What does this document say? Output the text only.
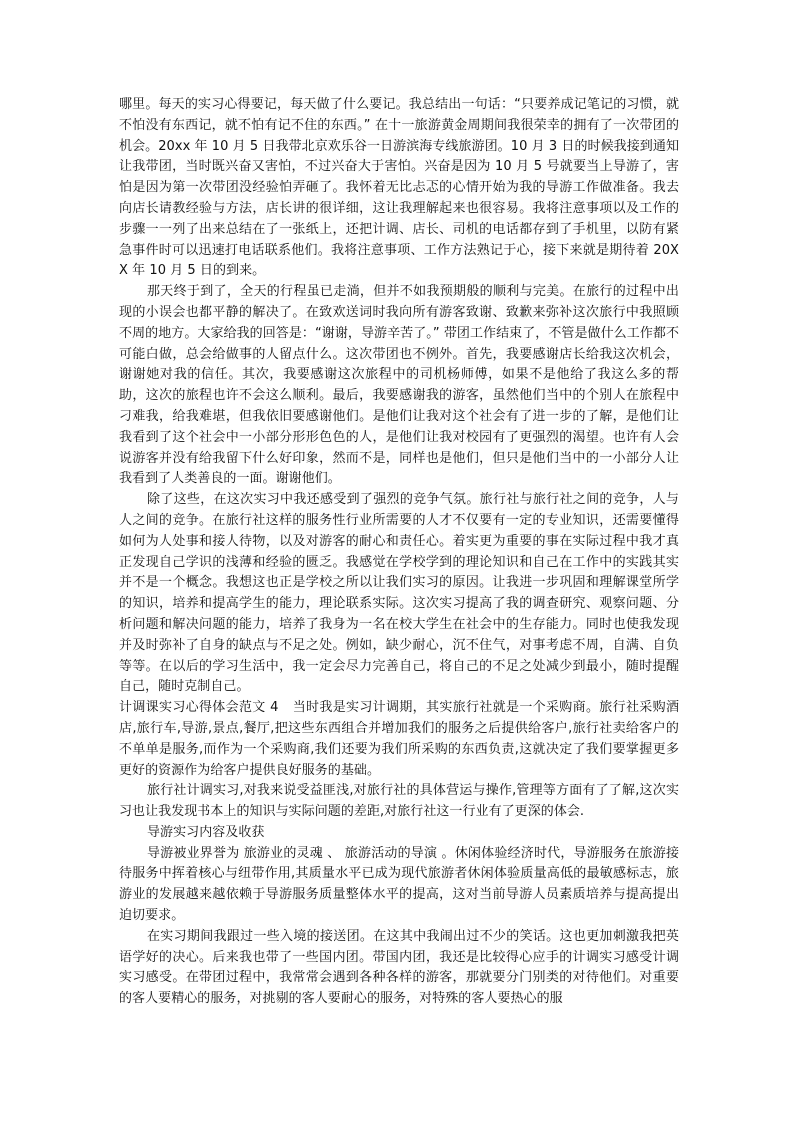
哪里。每天的实习心得要记，每天做了什么要记。我总结出一句话：“只要养成记笔记的习惯，就不怕没有东西记，就不怕有记不住的东西。” 在十一旅游黄金周期间我很荣幸的拥有了一次带团的机会。20xx 年 10 月 5 日我带北京欢乐谷一日游滨海专线旅游团。10 月 3 日的时候我接到通知让我带团，当时既兴奋又害怕，不过兴奋大于害怕。兴奋是因为 10 月 5 号就要当上导游了，害怕是因为第一次带团没经验怕弄砸了。我怀着无比忐忑的心情开始为我的导游工作做准备。我去向店长请教经验与方法，店长讲的很详细，这让我理解起来也很容易。我将注意事项以及工作的步骤一一列了出来总结在了一张纸上，还把计调、店长、司机的电话都存到了手机里，以防有紧急事件时可以迅速打电话联系他们。我将注意事项、工作方法熟记于心，接下来就是期待着 20XX 年 10 月 5 日的到来。

那天终于到了，全天的行程虽已走淌，但并不如我预期般的顺利与完美。在旅行的过程中出现的小误会也都平静的解决了。在致欢送词时我向所有游客致谢、致歉来弥补这次旅行中我照顾不周的地方。大家给我的回答是：“谢谢，导游辛苦了。” 带团工作结束了，不管是做什么工作都不可能白做，总会给做事的人留点什么。这次带团也不例外。首先，我要感谢店长给我这次机会，谢谢她对我的信任。其次，我要感谢这次旅程中的司机杨师傅，如果不是他给了我这么多的帮助，这次的旅程也许不会这么顺利。最后，我要感谢我的游客，虽然他们当中的个别人在旅程中刁难我，给我难堪，但我依旧要感谢他们。是他们让我对这个社会有了进一步的了解，是他们让我看到了这个社会中一小部分形形色色的人，是他们让我对校园有了更强烈的渴望。也许有人会说游客并没有给我留下什么好印象，然而不是，同样也是他们，但只是他们当中的一小部分人让我看到了人类善良的一面。谢谢他们。

除了这些，在这次实习中我还感受到了强烈的竞争气氛。旅行社与旅行社之间的竞争，人与人之间的竞争。在旅行社这样的服务性行业所需要的人才不仅要有一定的专业知识，还需要懂得如何为人处事和接人待物，以及对游客的耐心和责任心。着实更为重要的事在实际过程中我才真正发现自己学识的浅薄和经验的匮乏。我感觉在学校学到的理论知识和自己在工作中的实践其实并不是一个概念。我想这也正是学校之所以让我们实习的原因。让我进一步巩固和理解课堂所学的知识，培养和提高学生的能力，理论联系实际。这次实习提高了我的调查研究、观察问题、分析问题和解决问题的能力，培养了我身为一名在校大学生在社会中的生存能力。同时也使我发现并及时弥补了自身的缺点与不足之处。例如，缺少耐心，沉不住气，对事考虑不周，自满、自负等等。在以后的学习生活中，我一定会尽力完善自己，将自己的不足之处减少到最小，随时提醒自己，随时克制自己。

计调课实习心得体会范文 4 当时我是实习计调期，其实旅行社就是一个采购商。旅行社采购酒店,旅行车,导游,景点,餐厅,把这些东西组合并增加我们的服务之后提供给客户,旅行社卖给客户的不单单是服务,而作为一个采购商,我们还要为我们所采购的东西负责,这就决定了我们要掌握更多更好的资源作为给客户提供良好服务的基础。

旅行社计调实习,对我来说受益匪浅,对旅行社的具体营运与操作,管理等方面有了了解,这次实习也让我发现书本上的知识与实际问题的差距,对旅行社这一行业有了更深的体会.

导游实习内容及收获

导游被业界誉为 旅游业的灵魂 、 旅游活动的导演 。休闲体验经济时代，导游服务在旅游接待服务中挥着核心与纽带作用,其质量水平已成为现代旅游者休闲体验质量高低的最敏感标志，旅游业的发展越来越依赖于导游服务质量整体水平的提高，这对当前导游人员素质培养与提高提出迫切要求。

在实习期间我跟过一些入境的接送团。在这其中我闹出过不少的笑话。这也更加刺激我把英语学好的决心。后来我也带了一些国内团。带国内团，我还是比较得心应手的计调实习感受计调实习感受。在带团过程中，我常常会遇到各种各样的游客，那就要分门别类的对待他们。对重要的客人要精心的服务，对挑剔的客人要耐心的服务，对特殊的客人要热心的服
